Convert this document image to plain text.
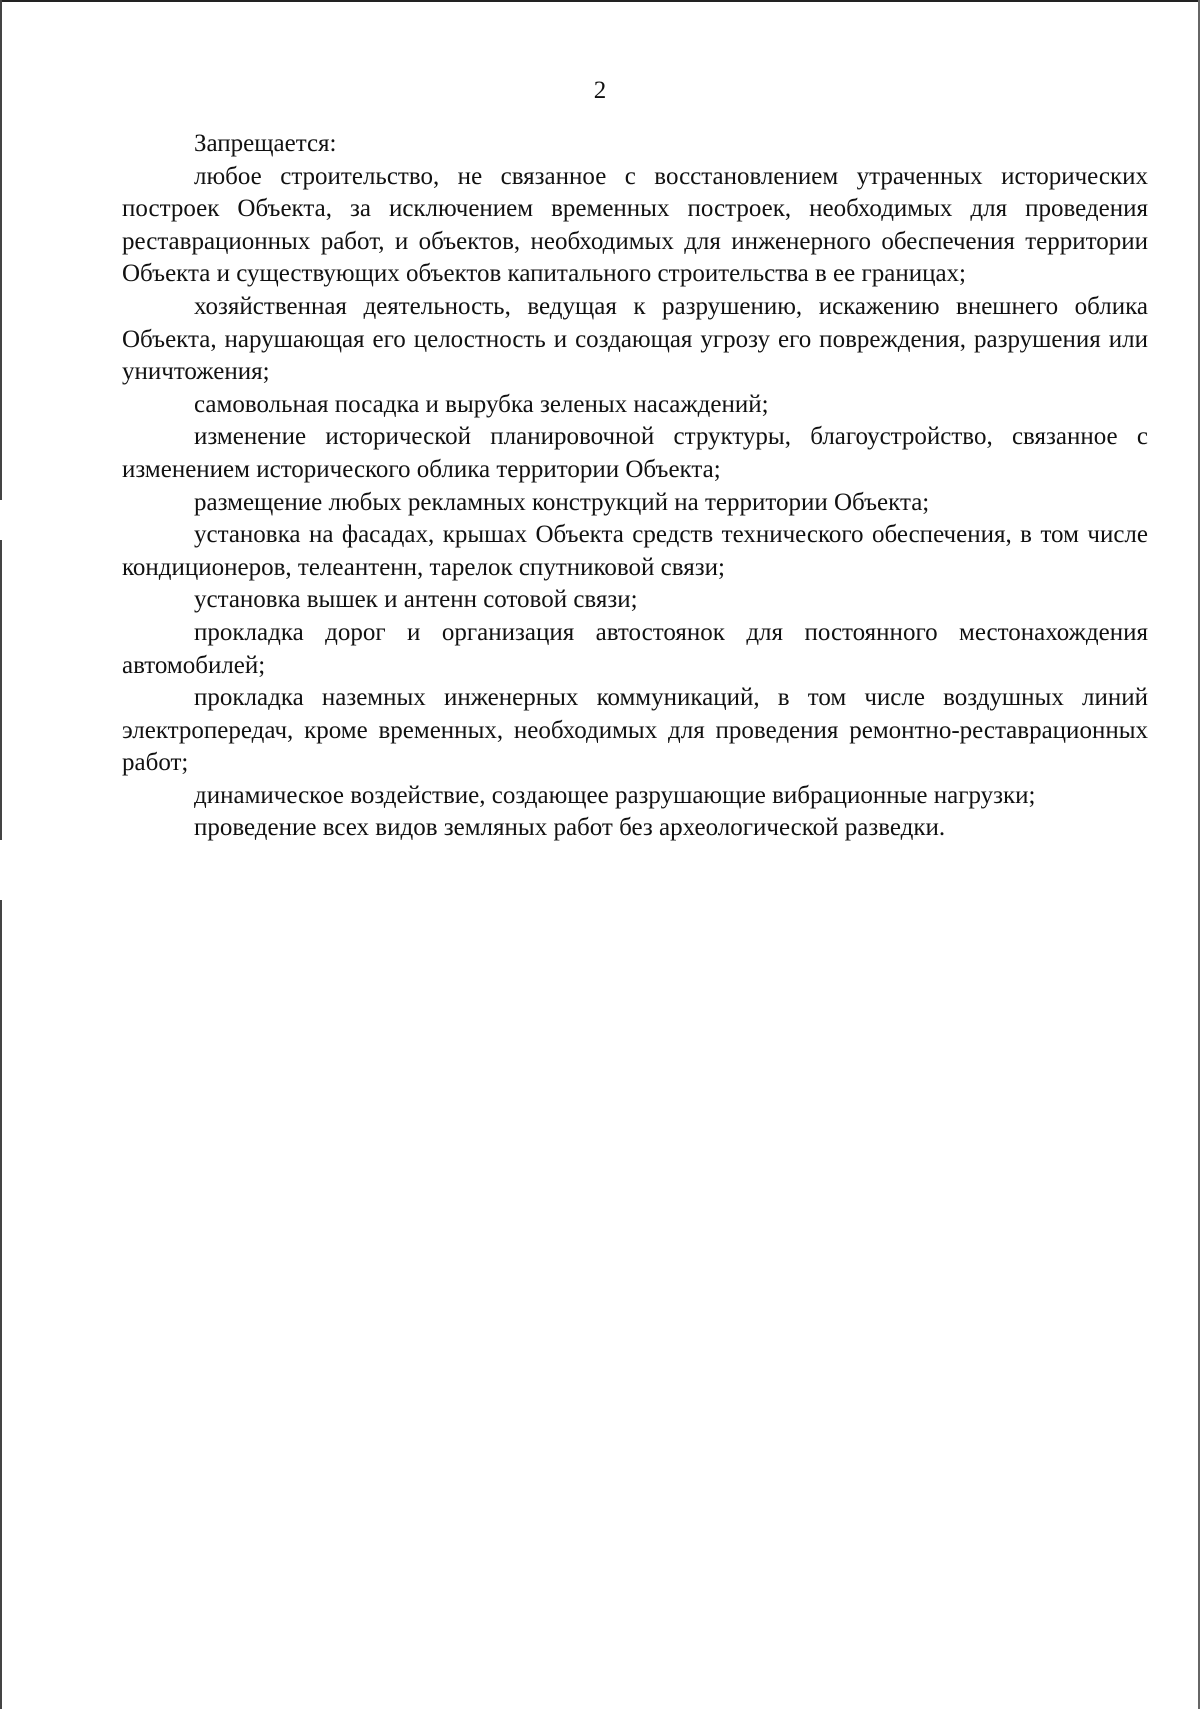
2

Запрещается:

любое строительство, не связанное с восстановлением утраченных исторических построек Объекта, за исключением временных построек, необходимых для проведения реставрационных работ, и объектов, необходимых для инженерного обеспечения территории Объекта и существующих объектов капитального строительства в ее границах;

хозяйственная деятельность, ведущая к разрушению, искажению внешнего облика Объекта, нарушающая его целостность и создающая угрозу его повреждения, разрушения или уничтожения;

самовольная посадка и вырубка зеленых насаждений;

изменение исторической планировочной структуры, благоустройство, связанное с изменением исторического облика территории Объекта;

размещение любых рекламных конструкций на территории Объекта;

установка на фасадах, крышах Объекта средств технического обеспечения, в том числе кондиционеров, телеантенн, тарелок спутниковой связи;

установка вышек и антенн сотовой связи;

прокладка дорог и организация автостоянок для постоянного местонахождения автомобилей;

прокладка наземных инженерных коммуникаций, в том числе воздушных линий электропередач, кроме временных, необходимых для проведения ремонтно-реставрационных работ;

динамическое воздействие, создающее разрушающие вибрационные нагрузки;

проведение всех видов земляных работ без археологической разведки.
